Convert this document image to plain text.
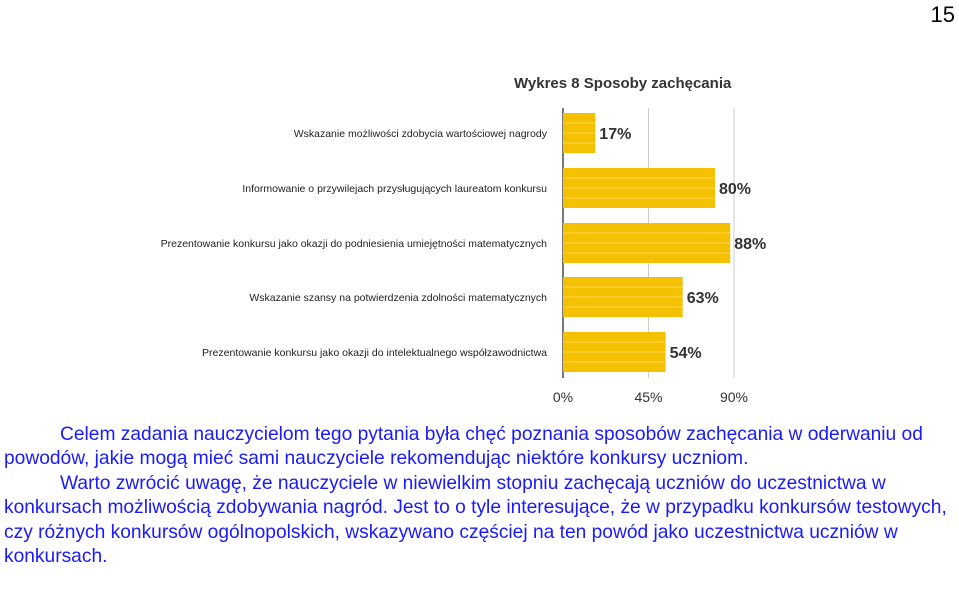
15
Wykres 8 Sposoby zachęcania
Wskazanie możliwości zdobycia wartościowej nagrody
Informowanie o przywilejach przysługujących laureatom konkursu
Prezentowanie konkursu jako okazji do podniesienia umiejętności matematycznych
Wskazanie szansy na potwierdzenia zdolności matematycznych
Prezentowanie konkursu jako okazji do intelektualnego współzawodnictwa
17%
80%
88%
63%
54%
0%	45%	90%

Celem zadania nauczycielom tego pytania była chęć poznania sposobów zachęcania w oderwaniu od powodów, jakie mogą mieć sami nauczyciele rekomendując niektóre konkursy uczniom.

Warto zwrócić uwagę, że nauczyciele w niewielkim stopniu zachęcają uczniów do uczestnictwa w konkursach możliwością zdobywania nagród. Jest to o tyle interesujące, że w przypadku konkursów testowych, czy różnych konkursów ogólnopolskich, wskazywano częściej na ten powód jako uczestnictwa uczniów w konkursach.
